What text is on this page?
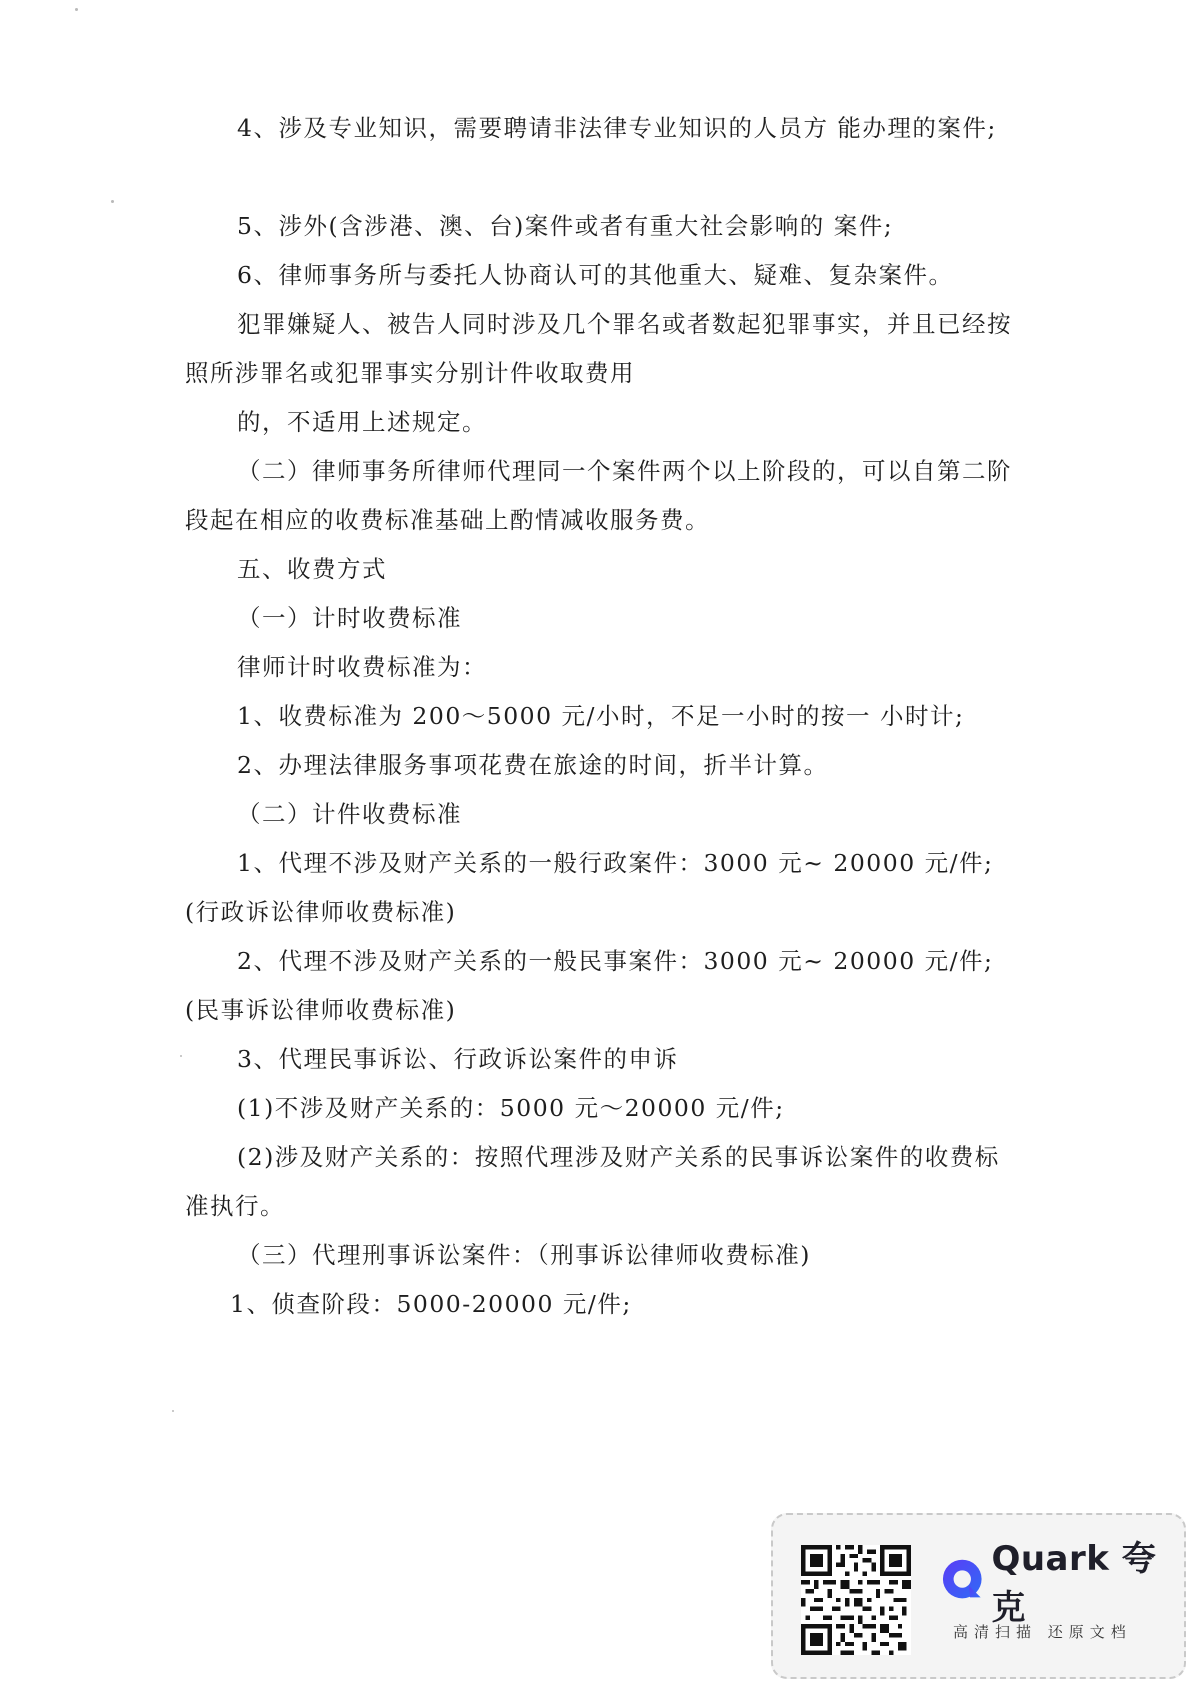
4、涉及专业知识，需要聘请非法律专业知识的人员方 能办理的案件;

5、涉外(含涉港、澳、台)案件或者有重大社会影响的 案件;

6、律师事务所与委托人协商认可的其他重大、疑难、复杂案件。

犯罪嫌疑人、被告人同时涉及几个罪名或者数起犯罪事实，并且已经按照所涉罪名或犯罪事实分别计件收取费用

的，不适用上述规定。

（二）律师事务所律师代理同一个案件两个以上阶段的，可以自第二阶段起在相应的收费标准基础上酌情减收服务费。

五、收费方式

（一）计时收费标准

律师计时收费标准为：

1、收费标准为 200～5000 元/小时，不足一小时的按一 小时计;

2、办理法律服务事项花费在旅途的时间，折半计算。

（二）计件收费标准

1、代理不涉及财产关系的一般行政案件：3000 元~ 20000 元/件;(行政诉讼律师收费标准)

2、代理不涉及财产关系的一般民事案件：3000 元~ 20000 元/件;(民事诉讼律师收费标准)

3、代理民事诉讼、行政诉讼案件的申诉

(1)不涉及财产关系的：5000 元～20000 元/件;

(2)涉及财产关系的：按照代理涉及财产关系的民事诉讼案件的收费标准执行。

（三）代理刑事诉讼案件：（刑事诉讼律师收费标准)

1、侦查阶段：5000-20000 元/件;

Quark 夸克
高清扫描 还原文档
